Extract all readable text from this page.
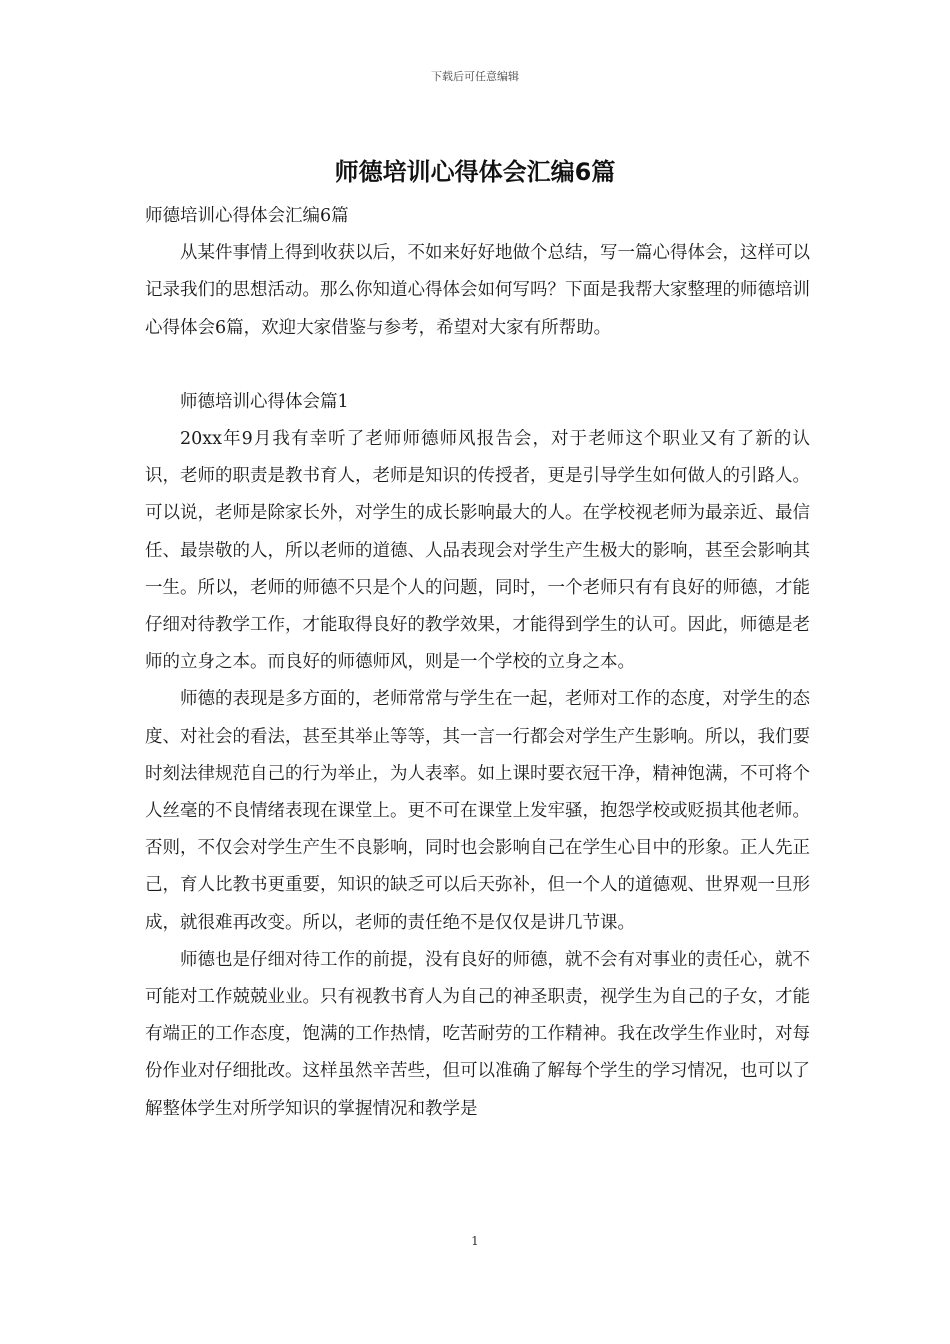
下载后可任意编辑
师德培训心得体会汇编6篇

师德培训心得体会汇编6篇

从某件事情上得到收获以后，不如来好好地做个总结，写一篇心得体会，这样可以记录我们的思想活动。那么你知道心得体会如何写吗？下面是我帮大家整理的师德培训心得体会6篇，欢迎大家借鉴与参考，希望对大家有所帮助。

师德培训心得体会篇1

20xx年9月我有幸听了老师师德师风报告会，对于老师这个职业又有了新的认识，老师的职责是教书育人，老师是知识的传授者，更是引导学生如何做人的引路人。可以说，老师是除家长外，对学生的成长影响最大的人。在学校视老师为最亲近、最信任、最崇敬的人，所以老师的道德、人品表现会对学生产生极大的影响，甚至会影响其一生。所以，老师的师德不只是个人的问题，同时，一个老师只有有良好的师德，才能仔细对待教学工作，才能取得良好的教学效果，才能得到学生的认可。因此，师德是老师的立身之本。而良好的师德师风，则是一个学校的立身之本。

师德的表现是多方面的，老师常常与学生在一起，老师对工作的态度，对学生的态度、对社会的看法，甚至其举止等等，其一言一行都会对学生产生影响。所以，我们要时刻法律规范自己的行为举止，为人表率。如上课时要衣冠干净，精神饱满，不可将个人丝毫的不良情绪表现在课堂上。更不可在课堂上发牢骚，抱怨学校或贬损其他老师。否则，不仅会对学生产生不良影响，同时也会影响自己在学生心目中的形象。正人先正己，育人比教书更重要，知识的缺乏可以后天弥补，但一个人的道德观、世界观一旦形成，就很难再改变。所以，老师的责任绝不是仅仅是讲几节课。

师德也是仔细对待工作的前提，没有良好的师德，就不会有对事业的责任心，就不可能对工作兢兢业业。只有视教书育人为自己的神圣职责，视学生为自己的子女，才能有端正的工作态度，饱满的工作热情，吃苦耐劳的工作精神。我在改学生作业时，对每份作业对仔细批改。这样虽然辛苦些，但可以准确了解每个学生的学习情况，也可以了解整体学生对所学知识的掌握情况和教学是

1
